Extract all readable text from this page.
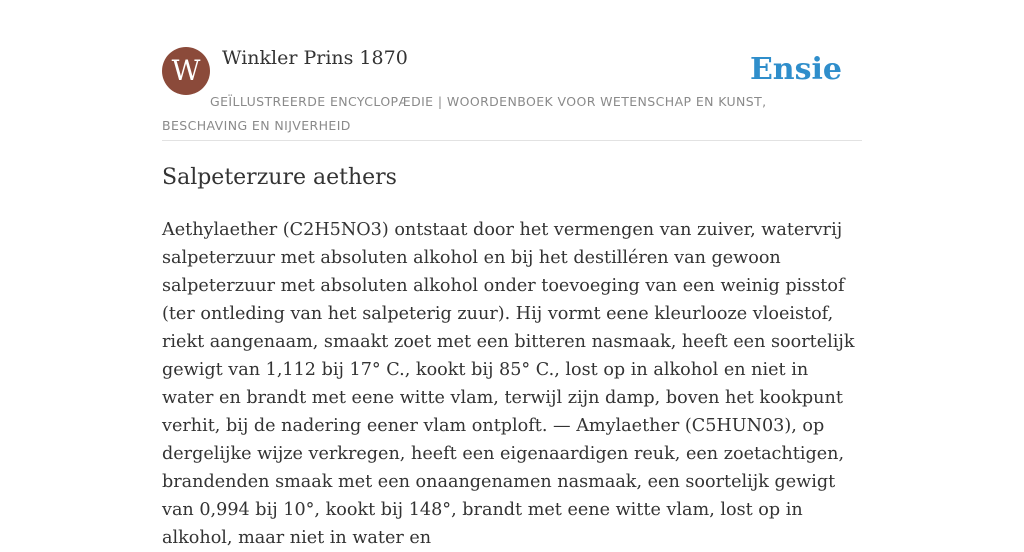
W	Winkler Prins 1870	Ensie
GEÏLLUSTREERDE ENCYCLOPÆDIE | WOORDENBOEK VOOR WETENSCHAP EN KUNST, BESCHAVING EN NIJVERHEID
Salpeterzure aethers

Aethylaether (C2H5NO3) ontstaat door het vermengen van zuiver, watervrij salpeterzuur met absoluten alkohol en bij het destilléren van gewoon salpeterzuur met absoluten alkohol onder toevoeging van een weinig pisstof (ter ontleding van het salpeterig zuur). Hij vormt eene kleurlooze vloeistof, riekt aangenaam, smaakt zoet met een bitteren nasmaak, heeft een soortelijk gewigt van 1,112 bij 17° C., kookt bij 85° C., lost op in alkohol en niet in water en brandt met eene witte vlam, terwijl zijn damp, boven het kookpunt verhit, bij de nadering eener vlam ontploft. — Amylaether (C5HUN03), op dergelijke wijze verkregen, heeft een eigenaardigen reuk, een zoetachtigen, brandenden smaak met een onaangenamen nasmaak, een soortelijk gewigt van 0,994 bij 10°, kookt bij 148°, brandt met eene witte vlam, lost op in alkohol, maar niet in water en
